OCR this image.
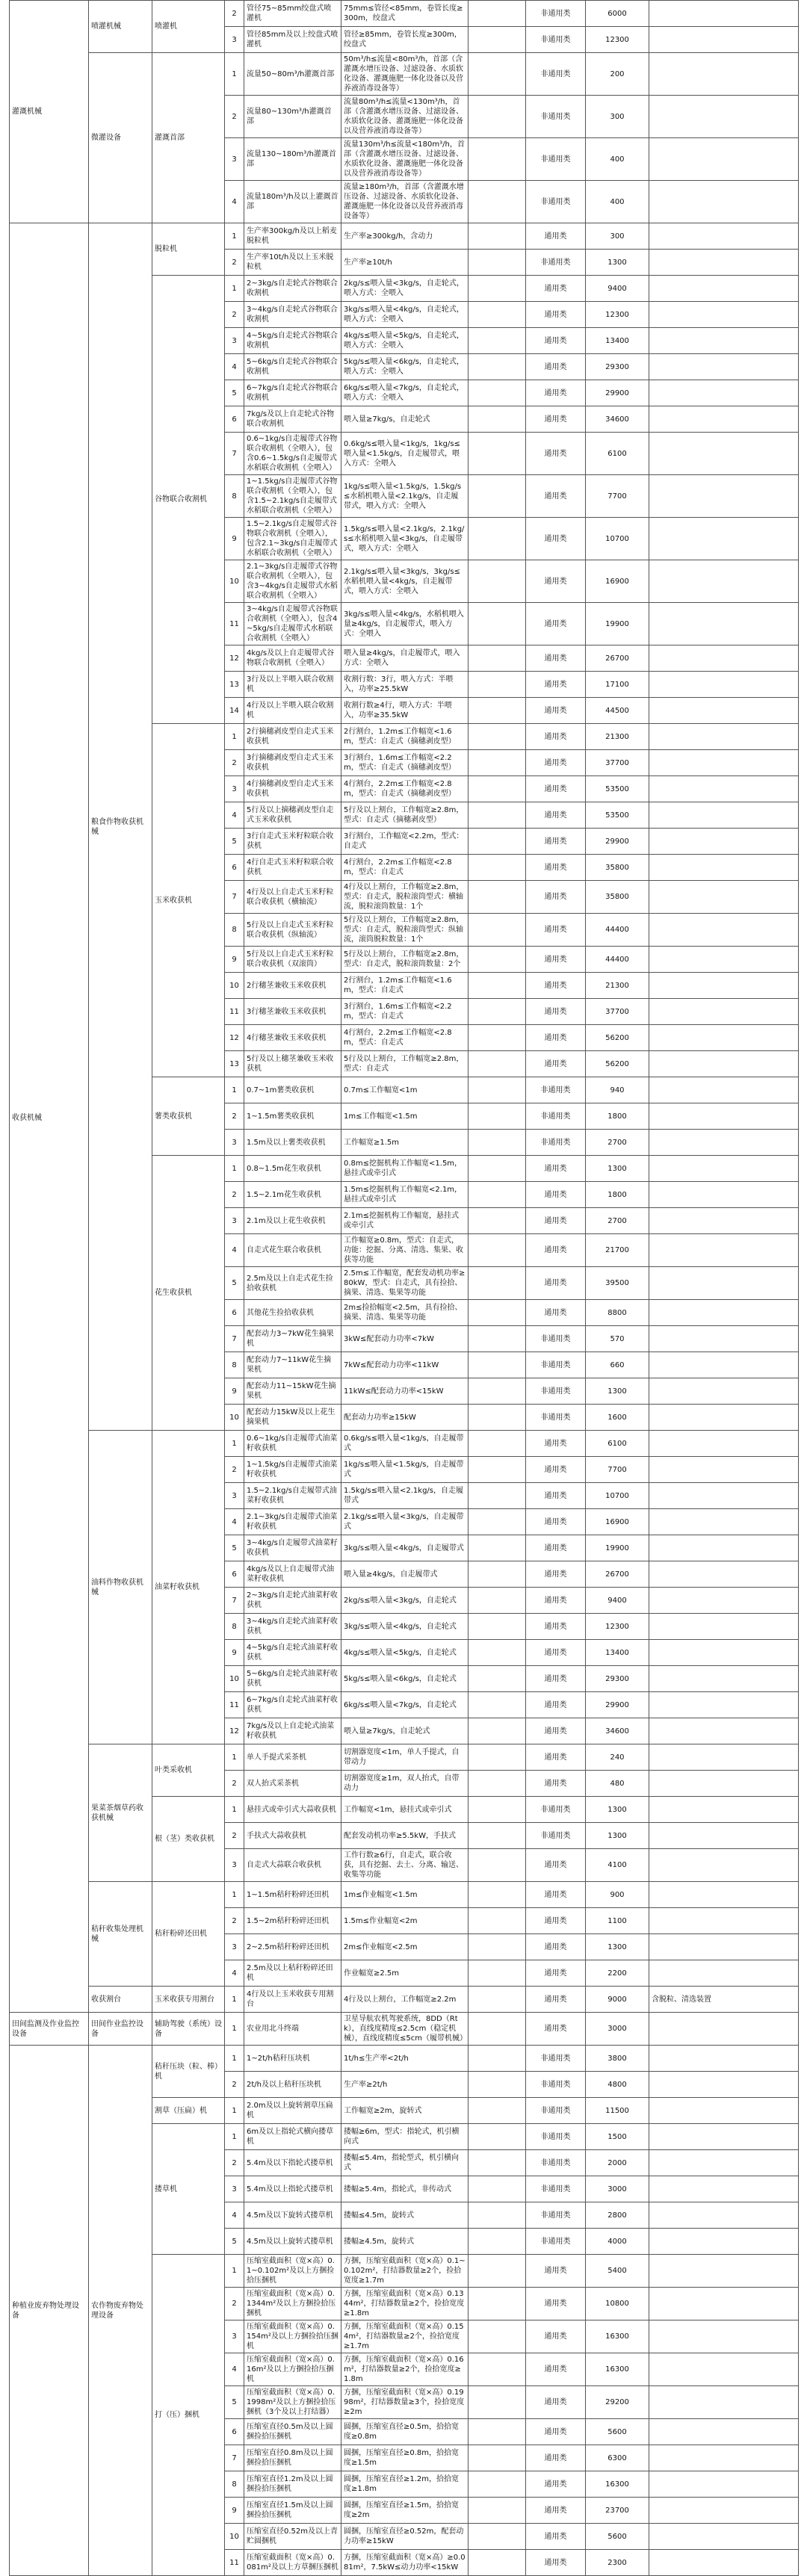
灌溉机械	喷灌机械	喷灌机	2	管径75~85mm绞盘式喷灌机	75mm≤管径<85mm，卷管长度≥300m，绞盘式		非通用类	6000	
			3	管径85mm及以上绞盘式喷灌机	管径≥85mm，卷管长度≥300m，绞盘式		非通用类	12300	
	微灌设备	灌溉首部	1	流量50~80m³/h灌溉首部	50m³/h≤流量<80m³/h，首部（含灌溉水增压设备、过滤设备、水质软化设备、灌溉施肥一体化设备以及营养液消毒设备等）		非通用类	200	
			2	流量80~130m³/h灌溉首部	流量80m³/h≤流量<130m³/h，首部（含灌溉水增压设备、过滤设备、水质软化设备、灌溉施肥一体化设备以及营养液消毒设备等）		非通用类	300	
			3	流量130~180m³/h灌溉首部	流量130m³/h≤流量<180m³/h，首部（含灌溉水增压设备、过滤设备、水质软化设备、灌溉施肥一体化设备以及营养液消毒设备等）		非通用类	400	
			4	流量180m³/h及以上灌溉首部	流量≥180m³/h，首部（含灌溉水增压设备、过滤设备、水质软化设备、灌溉施肥一体化设备以及营养液消毒设备等）		非通用类	400	
收获机械	粮食作物收获机械	脱粒机	1	生产率300kg/h及以上稻麦脱粒机	生产率≥300kg/h，含动力		通用类	300	
			2	生产率10t/h及以上玉米脱粒机	生产率≥10t/h		非通用类	1300	
		谷物联合收割机	1	2~3kg/s自走轮式谷物联合收割机	2kg/s≤喂入量<3kg/s，自走轮式，喂入方式：全喂入		通用类	9400	
			2	3~4kg/s自走轮式谷物联合收割机	3kg/s≤喂入量<4kg/s，自走轮式，喂入方式：全喂入		通用类	12300	
			3	4~5kg/s自走轮式谷物联合收割机	4kg/s≤喂入量<5kg/s，自走轮式，喂入方式：全喂入		通用类	13400	
			4	5~6kg/s自走轮式谷物联合收割机	5kg/s≤喂入量<6kg/s，自走轮式，喂入方式：全喂入		通用类	29300	
			5	6~7kg/s自走轮式谷物联合收割机	6kg/s≤喂入量<7kg/s，自走轮式，喂入方式：全喂入		通用类	29900	
			6	7kg/s及以上自走轮式谷物联合收割机	喂入量≥7kg/s，自走轮式		通用类	34600	
			7	0.6~1kg/s自走履带式谷物联合收割机（全喂入），包含0.6~1.5kg/s自走履带式水稻联合收割机（全喂入）	0.6kg/s≤喂入量<1kg/s，1kg/s≤喂入量<1.5kg/s，自走履带式，喂入方式：全喂入		通用类	6100	
			8	1~1.5kg/s自走履带式谷物联合收割机（全喂入），包含1.5~2.1kg/s自走履带式水稻联合收割机（全喂入）	1kg/s≤喂入量<1.5kg/s，1.5kg/s≤水稻机喂入量<2.1kg/s，自走履带式，喂入方式：全喂入		通用类	7700	
			9	1.5~2.1kg/s自走履带式谷物联合收割机（全喂入），包含2.1~3kg/s自走履带式水稻联合收割机（全喂入）	1.5kg/s≤喂入量<2.1kg/s，2.1kg/s≤水稻机喂入量<3kg/s，自走履带式，喂入方式：全喂入		通用类	10700	
			10	2.1~3kg/s自走履带式谷物联合收割机（全喂入），包含3~4kg/s自走履带式水稻联合收割机（全喂入）	2.1kg/s≤喂入量<3kg/s，3kg/s≤水稻机喂入量<4kg/s，自走履带式，喂入方式：全喂入		通用类	16900	
			11	3~4kg/s自走履带式谷物联合收割机（全喂入），包含4~5kg/s自走履带式水稻联合收割机（全喂入）	3kg/s≤喂入量<4kg/s，水稻机喂入量≥4kg/s，自走履带式，喂入方式：全喂入		通用类	19900	
			12	4kg/s及以上自走履带式谷物联合收割机（全喂入）	喂入量≥4kg/s，自走履带式，喂入方式：全喂入		通用类	26700	
			13	3行及以上半喂入联合收割机	收割行数：3行，喂入方式：半喂入，功率≥25.5kW		通用类	17100	
			14	4行及以上半喂入联合收割机	收割行数≥4行，喂入方式：半喂入，功率≥35.5kW		通用类	44500	
		玉米收获机	1	2行摘穗剥皮型自走式玉米收获机	2行割台，1.2m≤工作幅宽<1.6m，型式：自走式（摘穗剥皮型）		通用类	21300	
			2	3行摘穗剥皮型自走式玉米收获机	3行割台，1.6m≤工作幅宽<2.2m，型式：自走式（摘穗剥皮型）		通用类	37700	
			3	4行摘穗剥皮型自走式玉米收获机	4行割台，2.2m≤工作幅宽<2.8m，型式：自走式（摘穗剥皮型）		通用类	53500	
			4	5行及以上摘穗剥皮型自走式玉米收获机	5行及以上割台，工作幅宽≥2.8m，型式：自走式（摘穗剥皮型）		通用类	53500	
			5	3行自走式玉米籽粒联合收获机	3行割台，工作幅宽<2.2m，型式：自走式		通用类	29900	
			6	4行自走式玉米籽粒联合收获机	4行割台，2.2m≤工作幅宽<2.8m，型式：自走式		通用类	35800	
			7	4行及以上自走式玉米籽粒联合收获机（横轴流）	4行及以上割台，工作幅宽≥2.8m，型式：自走式，脱粒滚筒型式：横轴流，脱粒滚筒数量：1个		通用类	35800	
			8	5行及以上自走式玉米籽粒联合收获机（纵轴流）	5行及以上割台，工作幅宽≥2.8m，型式：自走式，脱粒滚筒型式：纵轴流，滚筒脱粒数量：1个		通用类	44400	
			9	5行及以上自走式玉米籽粒联合收获机（双滚筒）	5行及以上割台，工作幅宽≥2.8m，型式：自走式，脱粒滚筒数量：2个		通用类	44400	
			10	2行穗茎兼收玉米收获机	2行割台，1.2m≤工作幅宽<1.6m，型式：自走式		通用类	21300	
			11	3行穗茎兼收玉米收获机	3行割台，1.6m≤工作幅宽<2.2m，型式：自走式		通用类	37700	
			12	4行穗茎兼收玉米收获机	4行割台，2.2m≤工作幅宽<2.8m，型式：自走式		通用类	56200	
			13	5行及以上穗茎兼收玉米收获机	5行及以上割台，工作幅宽≥2.8m，型式：自走式		通用类	56200	
		薯类收获机	1	0.7~1m薯类收获机	0.7m≤工作幅宽<1m		非通用类	940	
			2	1~1.5m薯类收获机	1m≤工作幅宽<1.5m		非通用类	1800	
			3	1.5m及以上薯类收获机	工作幅宽≥1.5m		非通用类	2700	
		花生收获机	1	0.8~1.5m花生收获机	0.8m≤挖掘机构工作幅宽<1.5m，悬挂式或牵引式		通用类	1300	
			2	1.5~2.1m花生收获机	1.5m≤挖掘机构工作幅宽<2.1m，悬挂式或牵引式		通用类	1800	
			3	2.1m及以上花生收获机	2.1m≤挖掘机构工作幅宽，悬挂式或牵引式		通用类	2700	
			4	自走式花生联合收获机	工作幅宽≥0.8m，型式：自走式，功能：挖掘、分离、清选、集果、收获等功能		通用类	21700	
			5	2.5m及以上自走式花生捡拾收获机	2.5m≤工作幅宽，配套发动机功率≥80kW，型式：自走式，具有捡拾、摘果、清选、集果等功能		通用类	39500	
			6	其他花生捡拾收获机	2m≤捡拾幅宽<2.5m，具有捡拾、摘果、清选、集果等功能		通用类	8800	
			7	配套动力3~7kW花生摘果机	3kW≤配套动力功率<7kW		非通用类	570	
			8	配套动力7~11kW花生摘果机	7kW≤配套动力功率<11kW		非通用类	660	
			9	配套动力11~15kW花生摘果机	11kW≤配套动力功率<15kW		非通用类	1300	
			10	配套动力15kW及以上花生摘果机	配套动力功率≥15kW		非通用类	1600	
	油料作物收获机械	油菜籽收获机	1	0.6~1kg/s自走履带式油菜籽收获机	0.6kg/s≤喂入量<1kg/s，自走履带式		通用类	6100	
			2	1~1.5kg/s自走履带式油菜籽收获机	1kg/s≤喂入量<1.5kg/s，自走履带式		通用类	7700	
			3	1.5~2.1kg/s自走履带式油菜籽收获机	1.5kg/s≤喂入量<2.1kg/s，自走履带式		通用类	10700	
			4	2.1~3kg/s自走履带式油菜籽收获机	2.1kg/s≤喂入量<3kg/s，自走履带式		通用类	16900	
			5	3~4kg/s自走履带式油菜籽收获机	3kg/s≤喂入量<4kg/s，自走履带式		通用类	19900	
			6	4kg/s及以上自走履带式油菜籽收获机	喂入量≥4kg/s，自走履带式		通用类	26700	
			7	2~3kg/s自走轮式油菜籽收获机	2kg/s≤喂入量<3kg/s，自走轮式		通用类	9400	
			8	3~4kg/s自走轮式油菜籽收获机	3kg/s≤喂入量<4kg/s，自走轮式		通用类	12300	
			9	4~5kg/s自走轮式油菜籽收获机	4kg/s≤喂入量<5kg/s，自走轮式		通用类	13400	
			10	5~6kg/s自走轮式油菜籽收获机	5kg/s≤喂入量<6kg/s，自走轮式		通用类	29300	
			11	6~7kg/s自走轮式油菜籽收获机	6kg/s≤喂入量<7kg/s，自走轮式		通用类	29900	
			12	7kg/s及以上自走轮式油菜籽收获机	喂入量≥7kg/s，自走轮式		通用类	34600	
	果菜茶烟草药收获机械	叶类采收机	1	单人手提式采茶机	切割器宽度<1m，单人手提式，自带动力		通用类	240	
			2	双人抬式采茶机	切割器宽度≥1m，双人抬式，自带动力		通用类	480	
		根（茎）类收获机	1	悬挂式或牵引式大蒜收获机	工作幅宽<1m，悬挂式或牵引式		非通用类	1300	
			2	手扶式大蒜收获机	配套发动机功率≥5.5kW，手扶式		非通用类	1300	
			3	自走式大蒜联合收获机	工作行数≥6行，自走式，联合收获，具有挖掘、去土、分离、输送、收集等功能		通用类	4100	
	秸秆收集处理机械	秸秆粉碎还田机	1	1~1.5m秸秆粉碎还田机	1m≤作业幅宽<1.5m		通用类	900	
			2	1.5~2m秸秆粉碎还田机	1.5m≤作业幅宽<2m		通用类	1100	
			3	2~2.5m秸秆粉碎还田机	2m≤作业幅宽<2.5m		通用类	1300	
			4	2.5m及以上秸秆粉碎还田机	作业幅宽≥2.5m		通用类	2200	
	收获割台	玉米收获专用割台	1	4行及以上玉米收获专用割台	4行及以上割台，工作幅宽≥2.2m		通用类	9000	含脱粒、清选装置
田间监测及作业监控设备	田间作业监控设备	辅助驾驶（系统）设备	1	农业用北斗终端	卫星导航农机驾驶系统，8DD（Rtk），直线度精度≤2.5cm（稳定机械），直线度精度≤5cm（履带机械）		通用类	3000	
种植业废弃物处理设备	农作物废弃物处理设备	秸秆压块（粒、棒）机	1	1~2t/h秸秆压块机	1t/h≤生产率<2t/h		非通用类	3800	
			2	2t/h及以上秸秆压块机	生产率≥2t/h		非通用类	4800	
		割草（压扁）机	1	2.0m及以上旋转割草压扁机	工作幅宽≥2m，旋转式		非通用类	11500	
		搂草机	1	6m及以上指轮式横向搂草机	搂幅≥6m，型式：指轮式，机引横向式		非通用类	1500	
			2	5.4m及以下指轮式搂草机	搂幅≤5.4m，指轮型式，机引横向式		非通用类	2000	
			3	5.4m及以上指轮式搂草机	搂幅≥5.4m，指轮式，非传动式		非通用类	3000	
			4	4.5m及以下旋转式搂草机	搂幅≤4.5m，旋转式		非通用类	2800	
			5	4.5m及以上旋转式搂草机	搂幅≥4.5m，旋转式		非通用类	4000	
		打（压）捆机	1	压缩室截面积（宽×高）0.1~0.102m²及以上方捆捡拾压捆机	方捆，压缩室截面积（宽×高）0.1~0.102m²，打结器数量≥2个，捡拾宽度≥1.7m		通用类	5400	
			2	压缩室截面积（宽×高）0.1344m²及以上方捆捡拾压捆机	方捆，压缩室截面积（宽×高）0.1344m²，打结器数量≥2个，捡拾宽度≥1.8m		通用类	10800	
			3	压缩室截面积（宽×高）0.154m²及以上方捆捡拾压捆机	方捆，压缩室截面积（宽×高）0.154m²，打结器数量≥2个，捡拾宽度≥1.7m		通用类	16300	
			4	压缩室截面积（宽×高）0.16m²及以上方捆捡拾压捆机	方捆，压缩室截面积（宽×高）0.16m²，打结器数量≥2个，捡拾宽度≥1.8m		通用类	16300	
			5	压缩室截面积（宽×高）0.1998m²及以上方捆捡拾压捆机（3个及以上打结器）	方捆，压缩室截面积（宽×高）0.1998m²，打结器数量≥3个，捡拾宽度≥2m		通用类	29200	
			6	压缩室直径0.5m及以上圆捆捡拾压捆机	圆捆，压缩室直径≥0.5m，拾拾宽度≥0.8m		通用类	5600	
			7	压缩室直径0.8m及以上圆捆捡拾压捆机	圆捆，压缩室直径≥0.8m，拾拾宽度≥1.5m		通用类	6300	
			8	压缩室直径1.2m及以上圆捆捡拾压捆机	圆捆，压缩室直径≥1.2m，拾拾宽度≥1.8m		通用类	16300	
			9	压缩室直径1.5m及以上圆捆捡拾压捆机	圆捆，压缩室直径≥1.5m，拾拾宽度≥2m		通用类	23700	
			10	压缩室直径0.52m及以上青贮圆捆机	圆捆，压缩室直径≥0.52m，配套动力功率≥15kW		通用类	5600	
			11	压缩室截面积（宽×高）0.081m²及以上方草捆压捆机	方捆，压缩室截面积（宽×高）≥0.081m²，7.5kW≤动力功率<15kW		通用类	2300	
